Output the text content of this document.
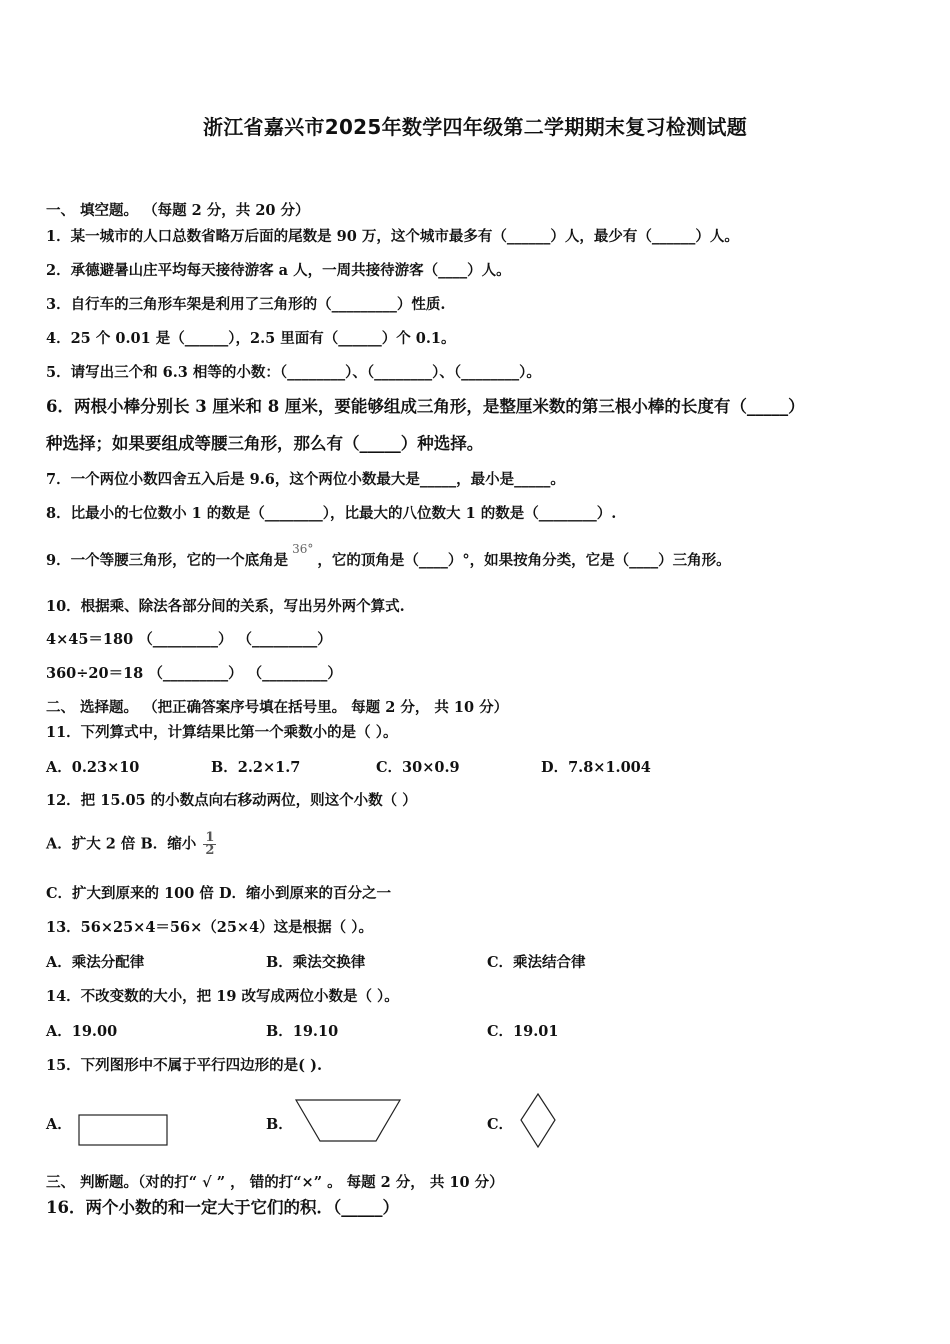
浙江省嘉兴市2025年数学四年级第二学期期末复习检测试题
一、 填空题。 （每题 2 分，共 20 分）
1．某一城市的人口总数省略万后面的尾数是 90 万，这个城市最多有（______）人，最少有（______）人。
2．承德避暑山庄平均每天接待游客 a 人，一周共接待游客（____）人。
3．自行车的三角形车架是利用了三角形的（_________）性质.
4．25 个 0.01 是（______），2.5 里面有（______）个 0.1。
5．请写出三个和 6.3 相等的小数：（________）、（________）、（________）。
6．两根小棒分别长 3 厘米和 8 厘米，要能够组成三角形，是整厘米数的第三根小棒的长度有（_____）
种选择；如果要组成等腰三角形，那么有（_____）种选择。
7．一个两位小数四舍五入后是 9.6，这个两位小数最大是_____，最小是_____。
8．比最小的七位数小 1 的数是（________），比最大的八位数大 1 的数是（________）.
9．一个等腰三角形，它的一个底角是$^{36^\circ}$，它的顶角是（____）°，如果按角分类，它是（____）三角形。
10．根据乘、除法各部分间的关系，写出另外两个算式.
4×45＝180 （_________） （_________）
360÷20＝18 （_________） （_________）
二、 选择题。 （把正确答案序号填在括号里。 每题 2 分， 共 10 分）
11．下列算式中，计算结果比第一个乘数小的是（ ）。
A．0.23×10	B．2.2×1.7	C．30×0.9	D．7.8×1.004
12．把 15.05 的小数点向右移动两位，则这个小数（ ）
A．扩大 2 倍 B．缩小 $\frac{1}{2}$
C．扩大到原来的 100 倍 D．缩小到原来的百分之一
13．56×25×4＝56×（25×4）这是根据（ ）。
A．乘法分配律	B．乘法交换律	C．乘法结合律
14．不改变数的大小，把 19 改写成两位小数是（ ）。
A．19.00	B．19.10	C．19.01
15．下列图形中不属于平行四边形的是( ).
A．	B．	C．
三、 判断题。（对的打“ √ ” ， 错的打“×” 。 每题 2 分， 共 10 分）
16．两个小数的和一定大于它们的积．（_____）
